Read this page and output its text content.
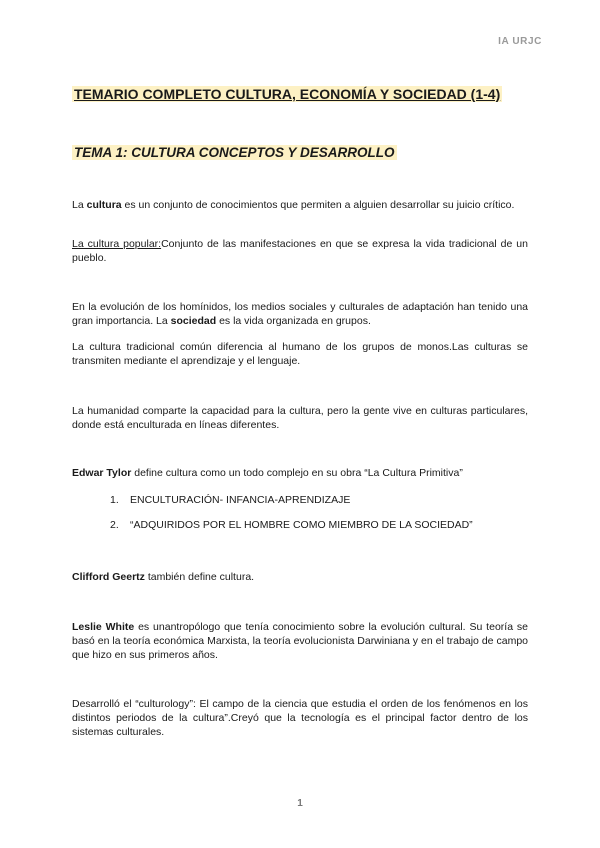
IA URJC
TEMARIO COMPLETO CULTURA, ECONOMÍA Y SOCIEDAD (1-4)
TEMA 1: CULTURA CONCEPTOS Y DESARROLLO
La cultura es un conjunto de conocimientos que permiten a alguien desarrollar su juicio crítico.
La cultura popular:Conjunto de las manifestaciones en que se expresa la vida tradicional de un pueblo.
En la evolución de los homínidos, los medios sociales y culturales de adaptación han tenido una gran importancia. La sociedad es la vida organizada en grupos.
La cultura tradicional común diferencia al humano de los grupos de monos.Las culturas se transmiten mediante el aprendizaje y el lenguaje.
La humanidad comparte la capacidad para la cultura, pero la gente vive en culturas particulares, donde está enculturada en líneas diferentes.
Edwar Tylor define cultura como un todo complejo en su obra “La Cultura Primitiva”
1. ENCULTURACIÓN- INFANCIA-APRENDIZAJE
2. “ADQUIRIDOS POR EL HOMBRE COMO MIEMBRO DE LA SOCIEDAD”
Clifford Geertz también define cultura.
Leslie White es unantropólogo que tenía conocimiento sobre la evolución cultural. Su teoría se basó en la teoría económica Marxista, la teoría evolucionista Darwiniana y en el trabajo de campo que hizo en sus primeros años.
Desarrolló el “culturology”: El campo de la ciencia que estudia el orden de los fenómenos en los distintos periodos de la cultura”.Creyó que la tecnología es el principal factor dentro de los sistemas culturales.
1
